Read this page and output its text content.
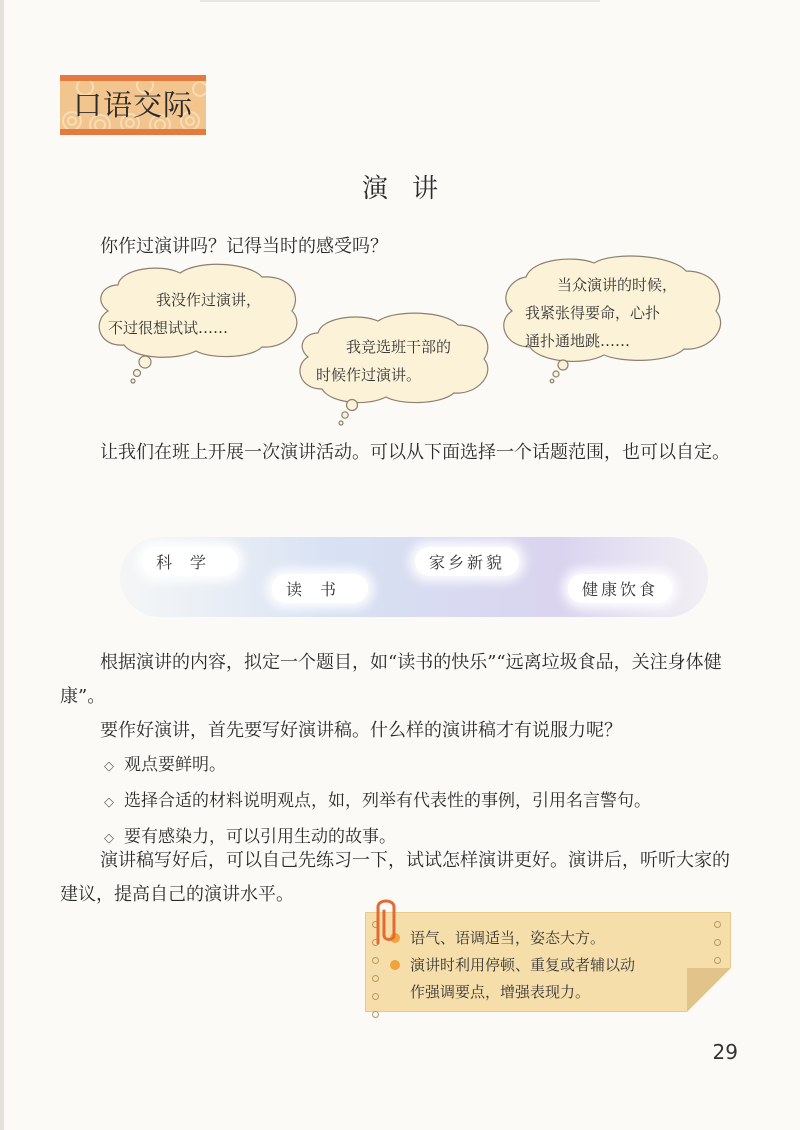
口语交际
演讲
你作过演讲吗？记得当时的感受吗？
我没作过演讲，
不过很想试试……
我竞选班干部的
时候作过演讲。
当众演讲的时候，
我紧张得要命，心扑
通扑通地跳……
让我们在班上开展一次演讲活动。可以从下面选择一个话题范围，也可以自定。
科学	家乡新貌
读书	健康饮食
根据演讲的内容，拟定一个题目，如“读书的快乐”“远离垃圾食品，关注身体健康”。
要作好演讲，首先要写好演讲稿。什么样的演讲稿才有说服力呢？
◇ 观点要鲜明。
◇ 选择合适的材料说明观点，如，列举有代表性的事例，引用名言警句。
◇ 要有感染力，可以引用生动的故事。
演讲稿写好后，可以自己先练习一下，试试怎样演讲更好。演讲后，听听大家的建议，提高自己的演讲水平。
语气、语调适当，姿态大方。
演讲时利用停顿、重复或者辅以动
作强调要点，增强表现力。
29
